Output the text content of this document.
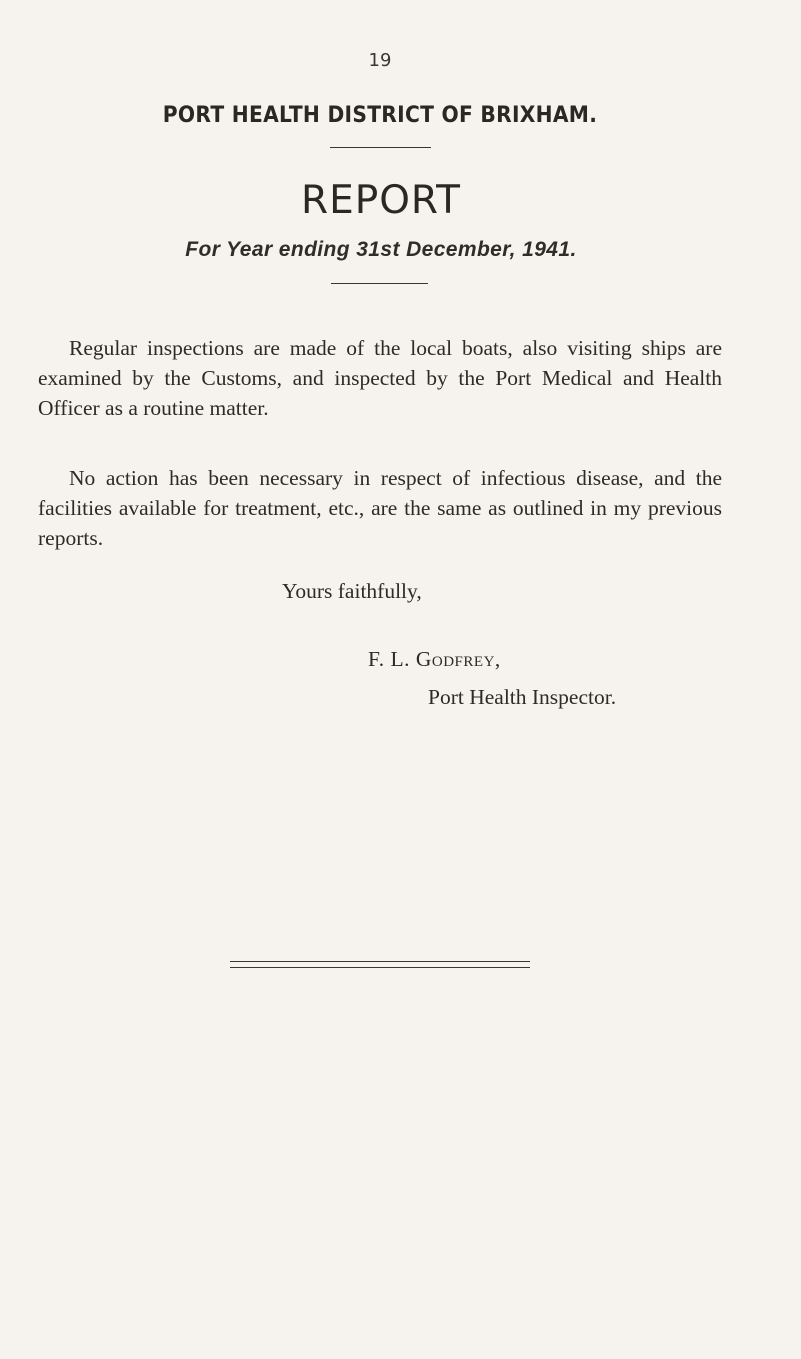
19
PORT HEALTH DISTRICT OF BRIXHAM.
REPORT
For Year ending 31st December, 1941.

Regular inspections are made of the local boats, also visiting ships are examined by the Customs, and inspected by the Port Medical and Health Officer as a routine matter.

No action has been necessary in respect of infectious disease, and the facilities available for treatment, etc., are the same as outlined in my previous reports.

Yours faithfully,
F. L. Godfrey,
Port Health Inspector.
